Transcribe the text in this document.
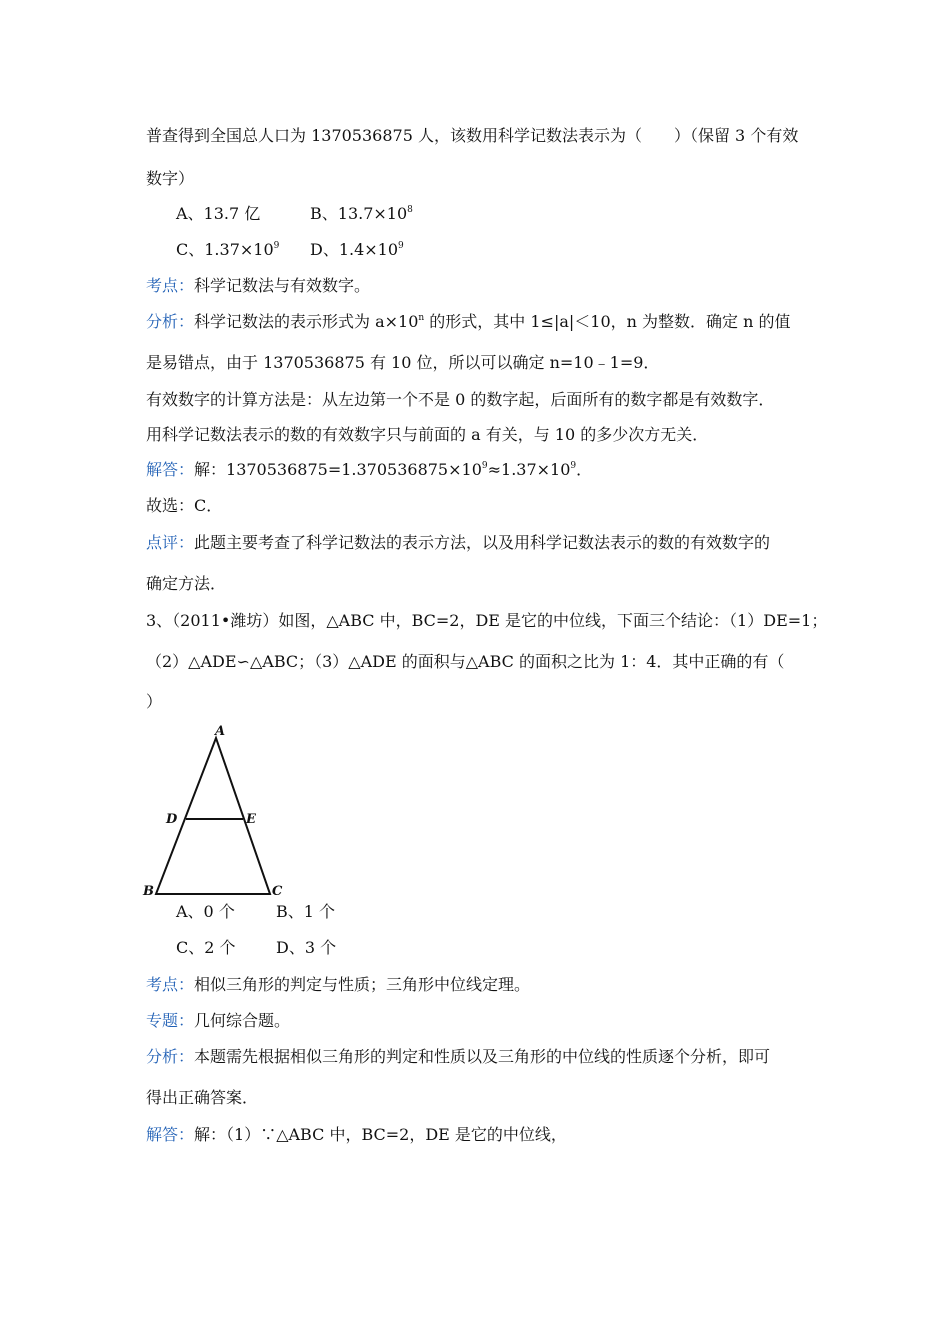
普查得到全国总人口为 1370536875 人，该数用科学记数法表示为（　　）（保留 3 个有效
数字）
A、13.7 亿	B、$13.7\times 10^8$
C、$1.37\times 10^9$ D、$1.4\times 10^9$
考点：科学记数法与有效数字。
分析：科学记数法的表示形式为 $a\times 10^n$ 的形式，其中 1≤|a|＜10，n 为整数．确定 n 的值
是易错点，由于 1370536875 有 10 位，所以可以确定 n=10﹣1=9．
有效数字的计算方法是：从左边第一个不是 0 的数字起，后面所有的数字都是有效数字．
用科学记数法表示的数的有效数字只与前面的 a 有关，与 10 的多少次方无关．
解答：解：$1370536875=1.370536875\times 10^9\approx 1.37\times 10^9$．
故选：C．
点评：此题主要考查了科学记数法的表示方法，以及用科学记数法表示的数的有效数字的
确定方法．
3、（2011•潍坊）如图，△ABC 中，BC=2，DE 是它的中位线，下面三个结论：（1）DE=1；
（2）△ADE∽△ABC；（3）△ADE 的面积与△ABC 的面积之比为 1：4．其中正确的有（
）
A
B	C
D	E
A、0 个	B、1 个
C、2 个	D、3 个
考点：相似三角形的判定与性质；三角形中位线定理。
专题：几何综合题。
分析：本题需先根据相似三角形的判定和性质以及三角形的中位线的性质逐个分析，即可
得出正确答案．
解答：解：（1）∵△ABC 中，BC=2，DE 是它的中位线，
